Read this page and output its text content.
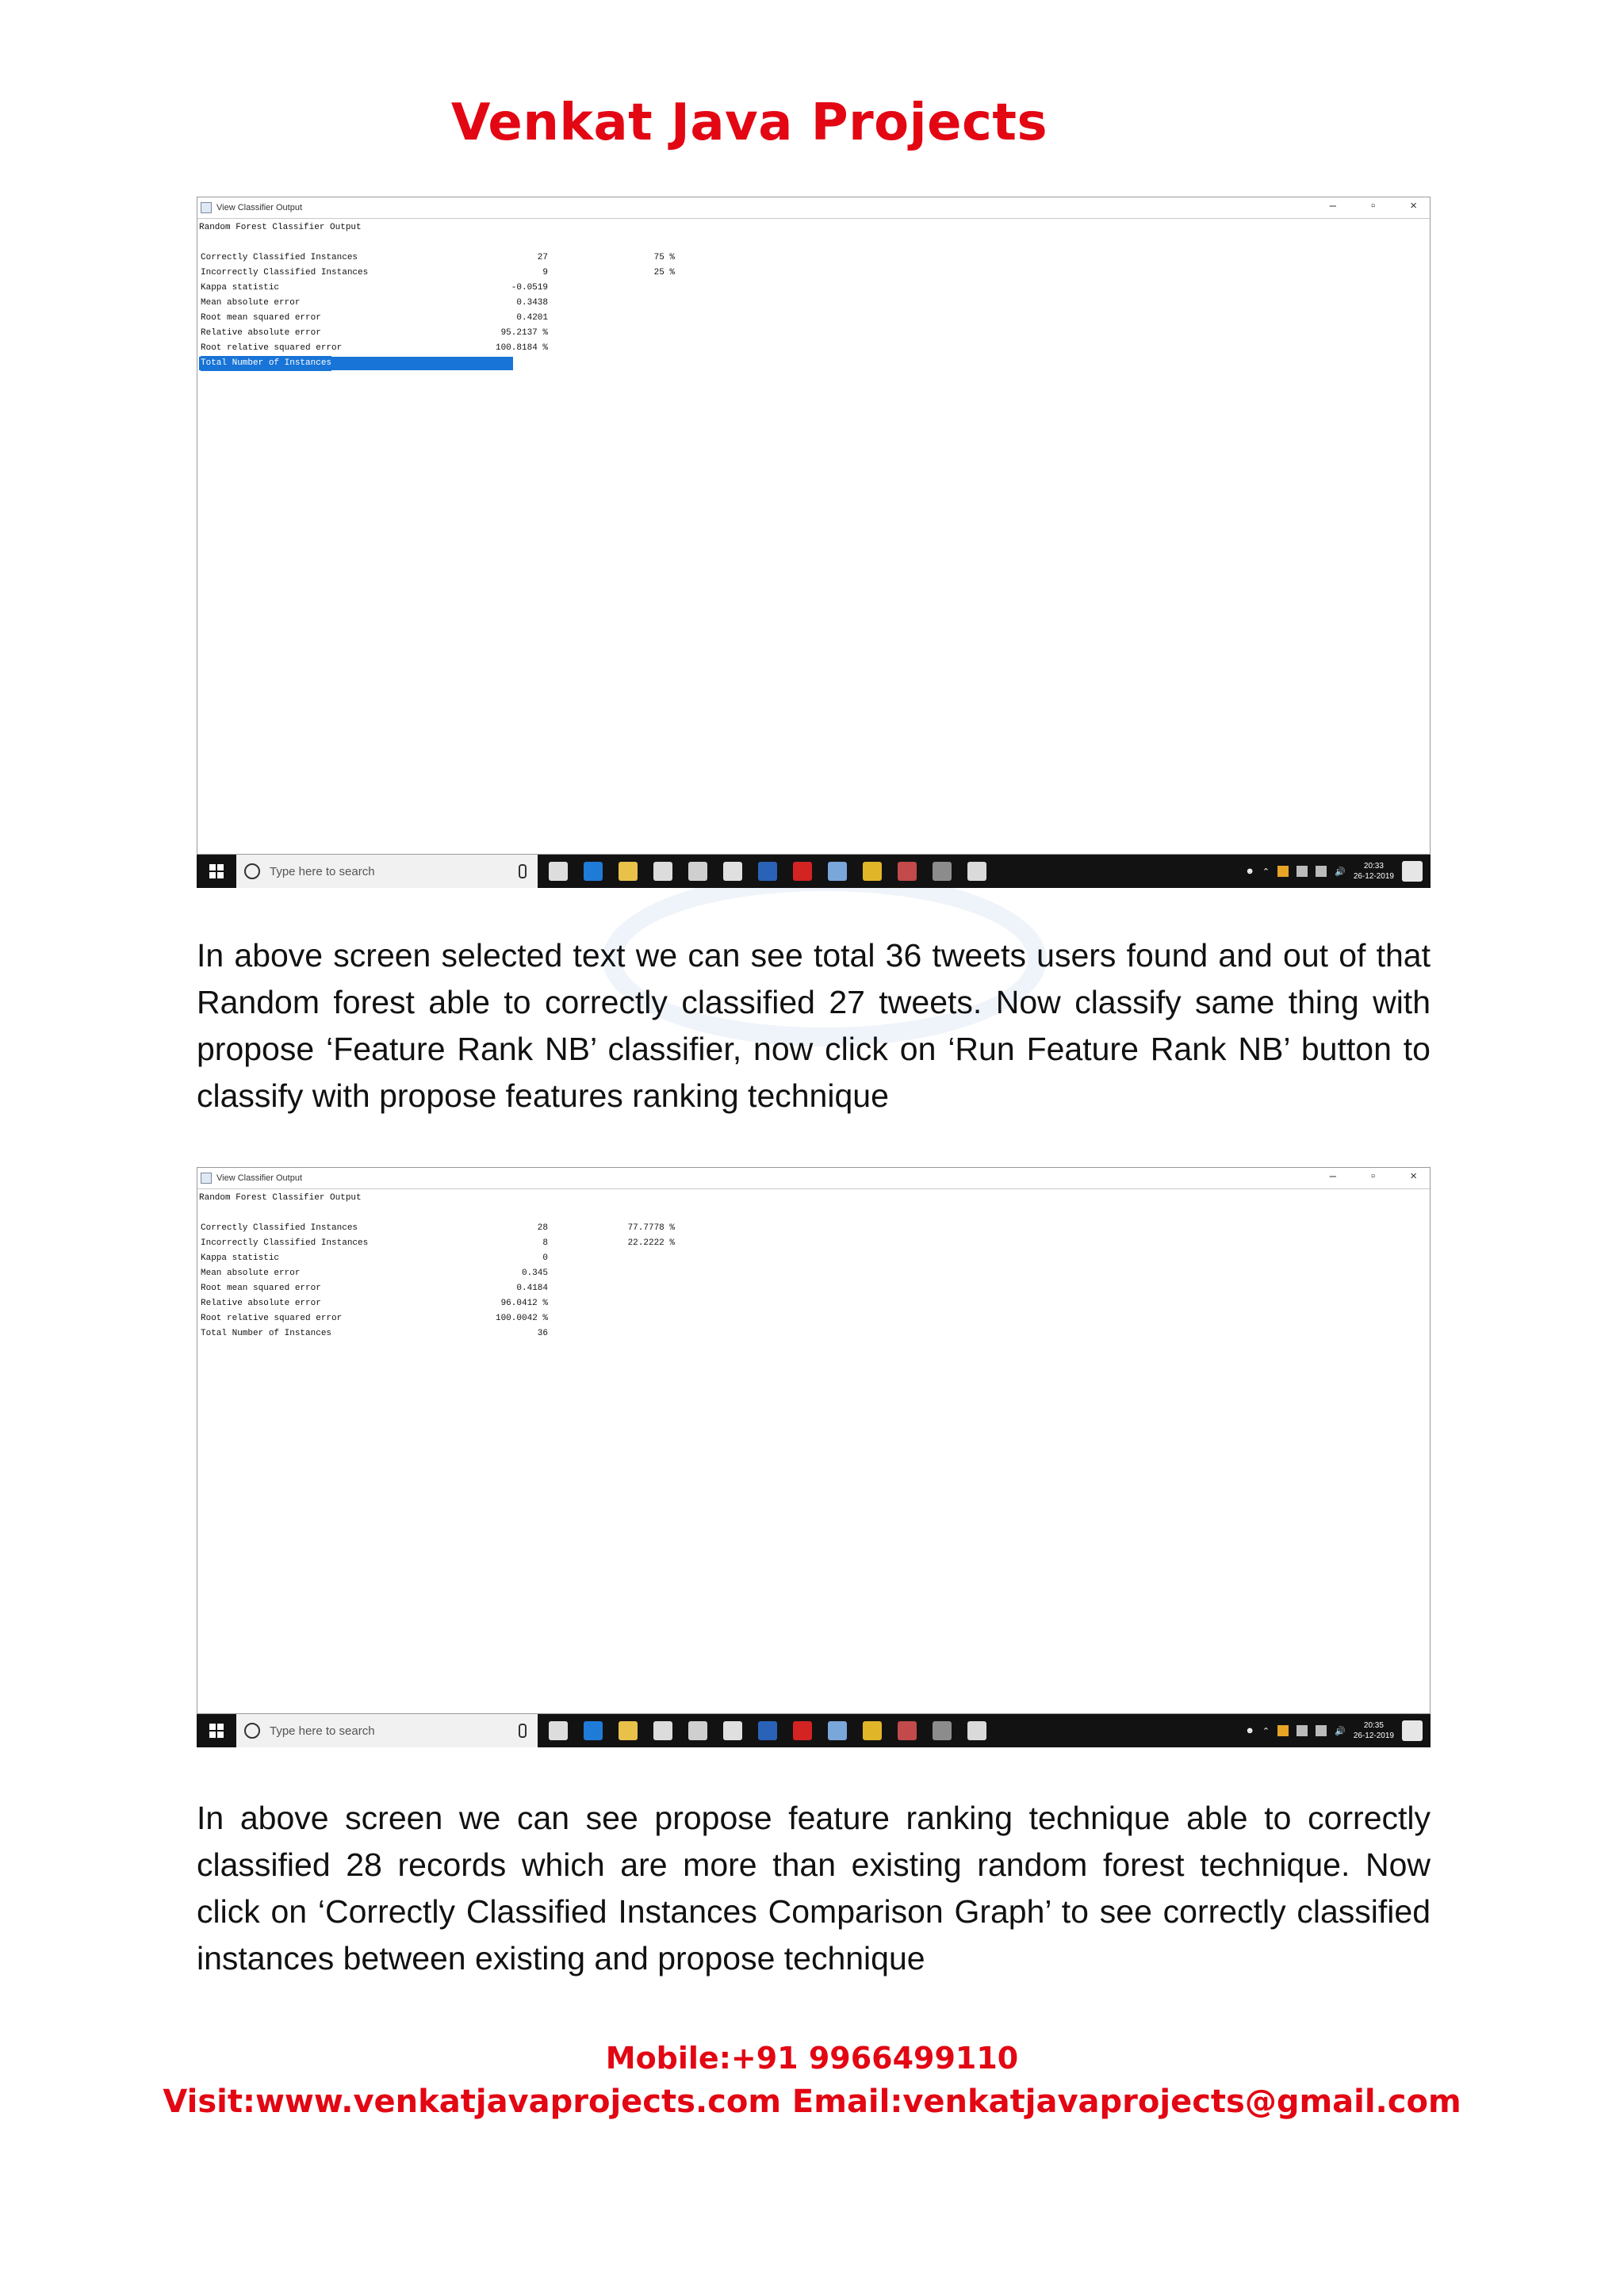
Venkat Java Projects
View Classifier Output	–	▫	×
Random Forest Classifier Output
Correctly Classified Instances	27	75 %
Incorrectly Classified Instances	9	25 %
Kappa statistic	-0.0519
Mean absolute error	0.3438
Root mean squared error	0.4201
Relative absolute error	95.2137 %
Root relative squared error	100.8184 %
Total Number of Instances	36
Type here to search	☻ ⌃	🔊
20:33
26-12-2019

In above screen selected text we can see total 36 tweets users found and out of that Random forest able to correctly classified 27 tweets. Now classify same thing with propose ‘Feature Rank NB’ classifier, now click on ‘Run Feature Rank NB’ button to classify with propose features ranking technique

View Classifier Output	–	▫	×
Random Forest Classifier Output
Correctly Classified Instances	28	77.7778 %
Incorrectly Classified Instances	8	22.2222 %
Kappa statistic	0
Mean absolute error	0.345
Root mean squared error	0.4184
Relative absolute error	96.0412 %
Root relative squared error	100.0042 %
Total Number of Instances	36
Type here to search	☻ ⌃	🔊
20:35
26-12-2019

In above screen we can see propose feature ranking technique able to correctly classified 28 records which are more than existing random forest technique. Now click on ‘Correctly Classified Instances Comparison Graph’ to see correctly classified instances between existing and propose technique

Mobile:+91 9966499110
Visit:www.venkatjavaprojects.com Email:venkatjavaprojects@gmail.com
